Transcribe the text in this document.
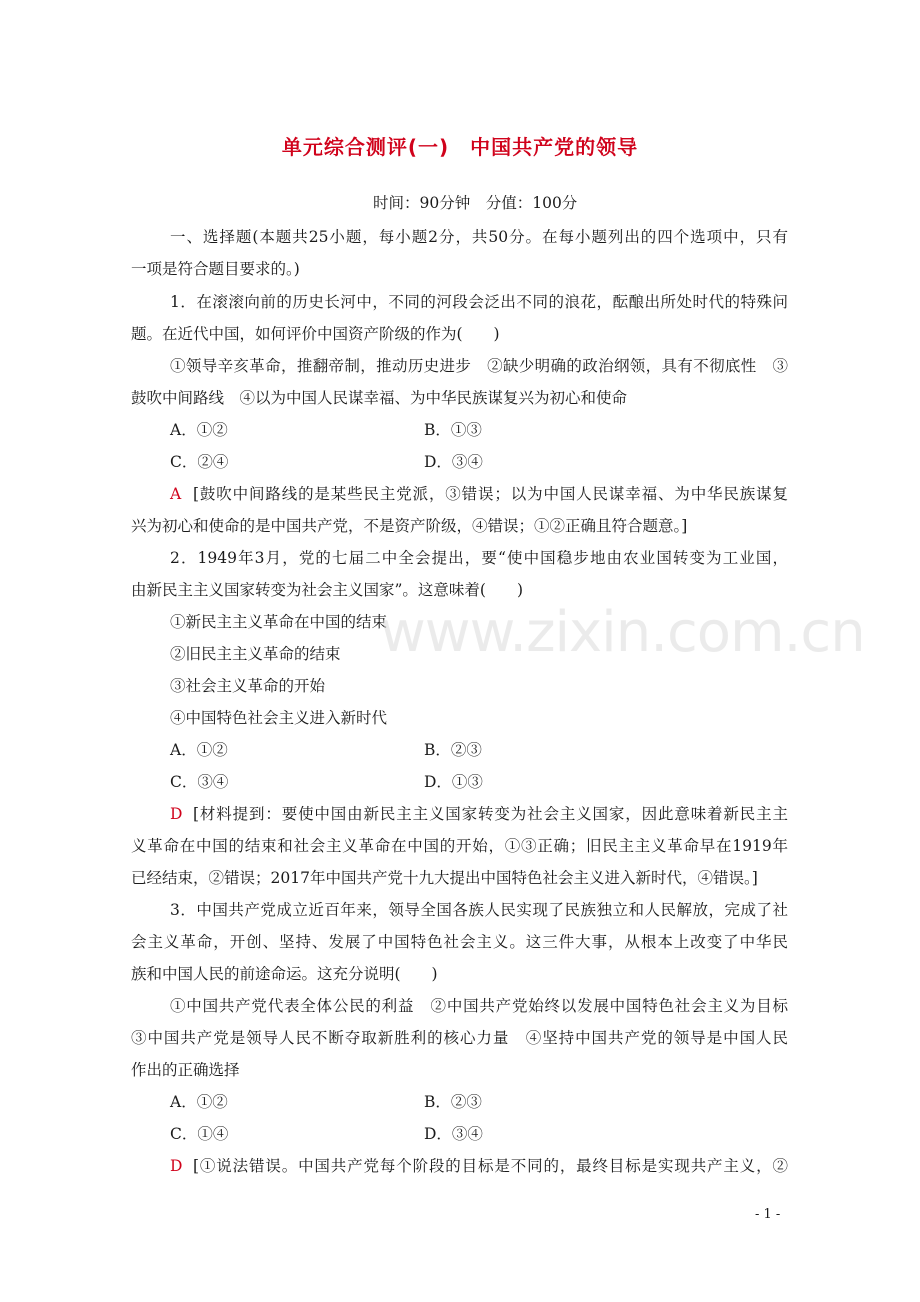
单元综合测评(一)　中国共产党的领导
时间：90分钟　分值：100分
一、选择题(本题共25小题，每小题2分，共50分。在每小题列出的四个选项中，只有
一项是符合题目要求的。)
1．在滚滚向前的历史长河中，不同的河段会泛出不同的浪花，酝酿出所处时代的特殊问
题。在近代中国，如何评价中国资产阶级的作为(　　)
①领导辛亥革命，推翻帝制，推动历史进步　②缺少明确的政治纲领，具有不彻底性　③
鼓吹中间路线　④以为中国人民谋幸福、为中华民族谋复兴为初心和使命
A．①②	B．①③
C．②④	D．③④
A [鼓吹中间路线的是某些民主党派，③错误；以为中国人民谋幸福、为中华民族谋复
兴为初心和使命的是中国共产党，不是资产阶级，④错误；①②正确且符合题意。]
2．1949年3月，党的七届二中全会提出，要“使中国稳步地由农业国转变为工业国，
由新民主主义国家转变为社会主义国家”。这意味着(　　)
①新民主主义革命在中国的结束
②旧民主主义革命的结束
③社会主义革命的开始
④中国特色社会主义进入新时代
A．①②	B．②③
C．③④	D．①③
D [材料提到：要使中国由新民主主义国家转变为社会主义国家，因此意味着新民主主
义革命在中国的结束和社会主义革命在中国的开始，①③正确；旧民主主义革命早在1919年
已经结束，②错误；2017年中国共产党十九大提出中国特色社会主义进入新时代，④错误。]
3．中国共产党成立近百年来，领导全国各族人民实现了民族独立和人民解放，完成了社
会主义革命，开创、坚持、发展了中国特色社会主义。这三件大事，从根本上改变了中华民
族和中国人民的前途命运。这充分说明(　　)
①中国共产党代表全体公民的利益　②中国共产党始终以发展中国特色社会主义为目标
③中国共产党是领导人民不断夺取新胜利的核心力量　④坚持中国共产党的领导是中国人民
作出的正确选择
A．①②	B．②③
C．①④	D．③④
D [①说法错误。中国共产党每个阶段的目标是不同的，最终目标是实现共产主义，②
www.zixin.com.cn
- 1 -
